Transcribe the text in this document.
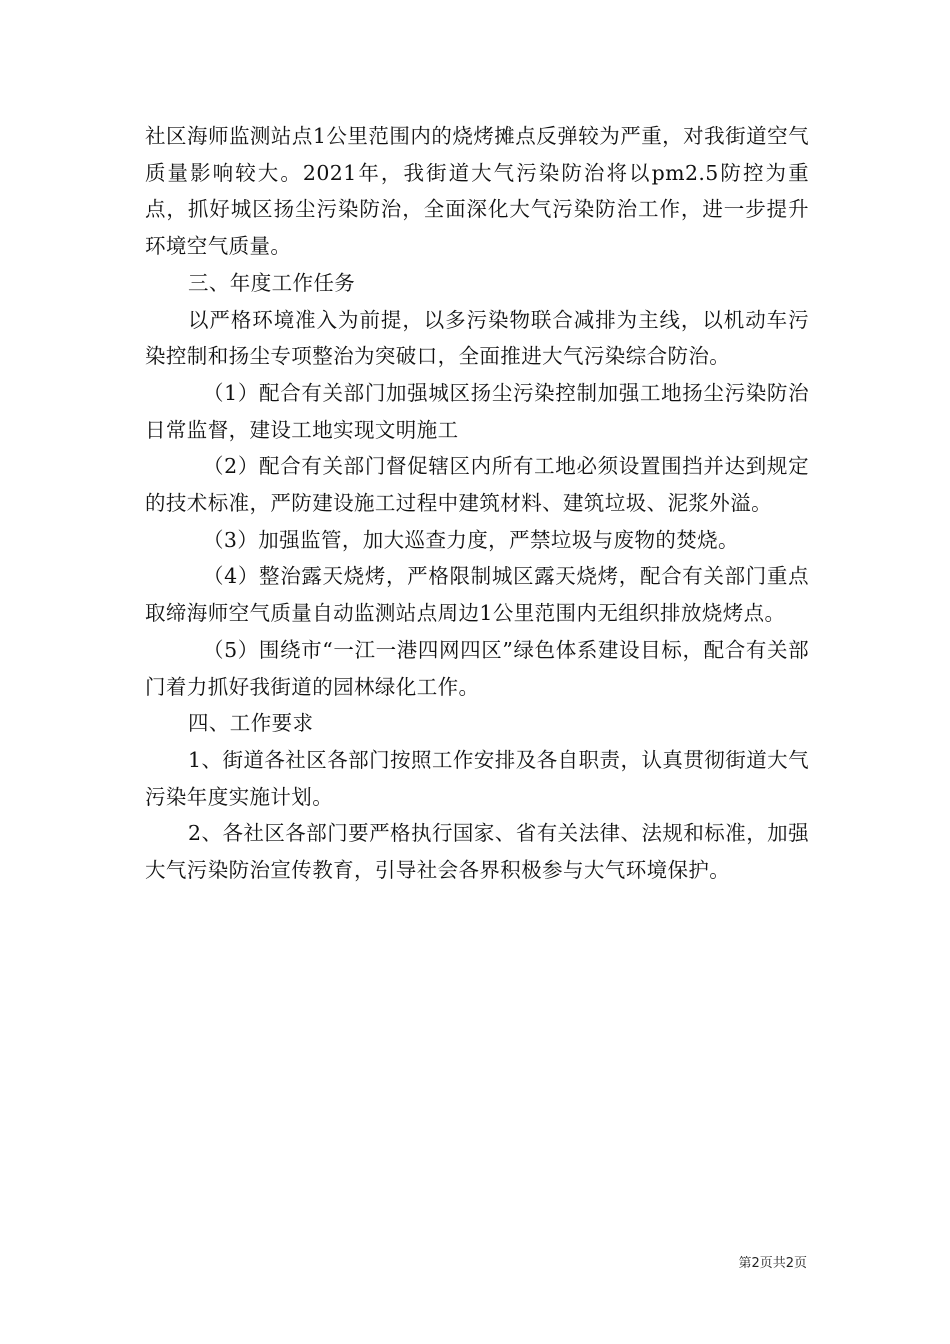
社区海师监测站点1公里范围内的烧烤摊点反弹较为严重，对我街道空气质量影响较大。2021年，我街道大气污染防治将以pm2.5防控为重点，抓好城区扬尘污染防治，全面深化大气污染防治工作，进一步提升环境空气质量。

三、年度工作任务

以严格环境准入为前提，以多污染物联合减排为主线，以机动车污染控制和扬尘专项整治为突破口，全面推进大气污染综合防治。

（1）配合有关部门加强城区扬尘污染控制加强工地扬尘污染防治日常监督，建设工地实现文明施工

（2）配合有关部门督促辖区内所有工地必须设置围挡并达到规定的技术标准，严防建设施工过程中建筑材料、建筑垃圾、泥浆外溢。

（3）加强监管，加大巡查力度，严禁垃圾与废物的焚烧。

（4）整治露天烧烤，严格限制城区露天烧烤，配合有关部门重点取缔海师空气质量自动监测站点周边1公里范围内无组织排放烧烤点。

（5）围绕市“一江一港四网四区”绿色体系建设目标，配合有关部门着力抓好我街道的园林绿化工作。

四、工作要求

1、街道各社区各部门按照工作安排及各自职责，认真贯彻街道大气污染年度实施计划。

2、各社区各部门要严格执行国家、省有关法律、法规和标准，加强大气污染防治宣传教育，引导社会各界积极参与大气环境保护。

第2页共2页
